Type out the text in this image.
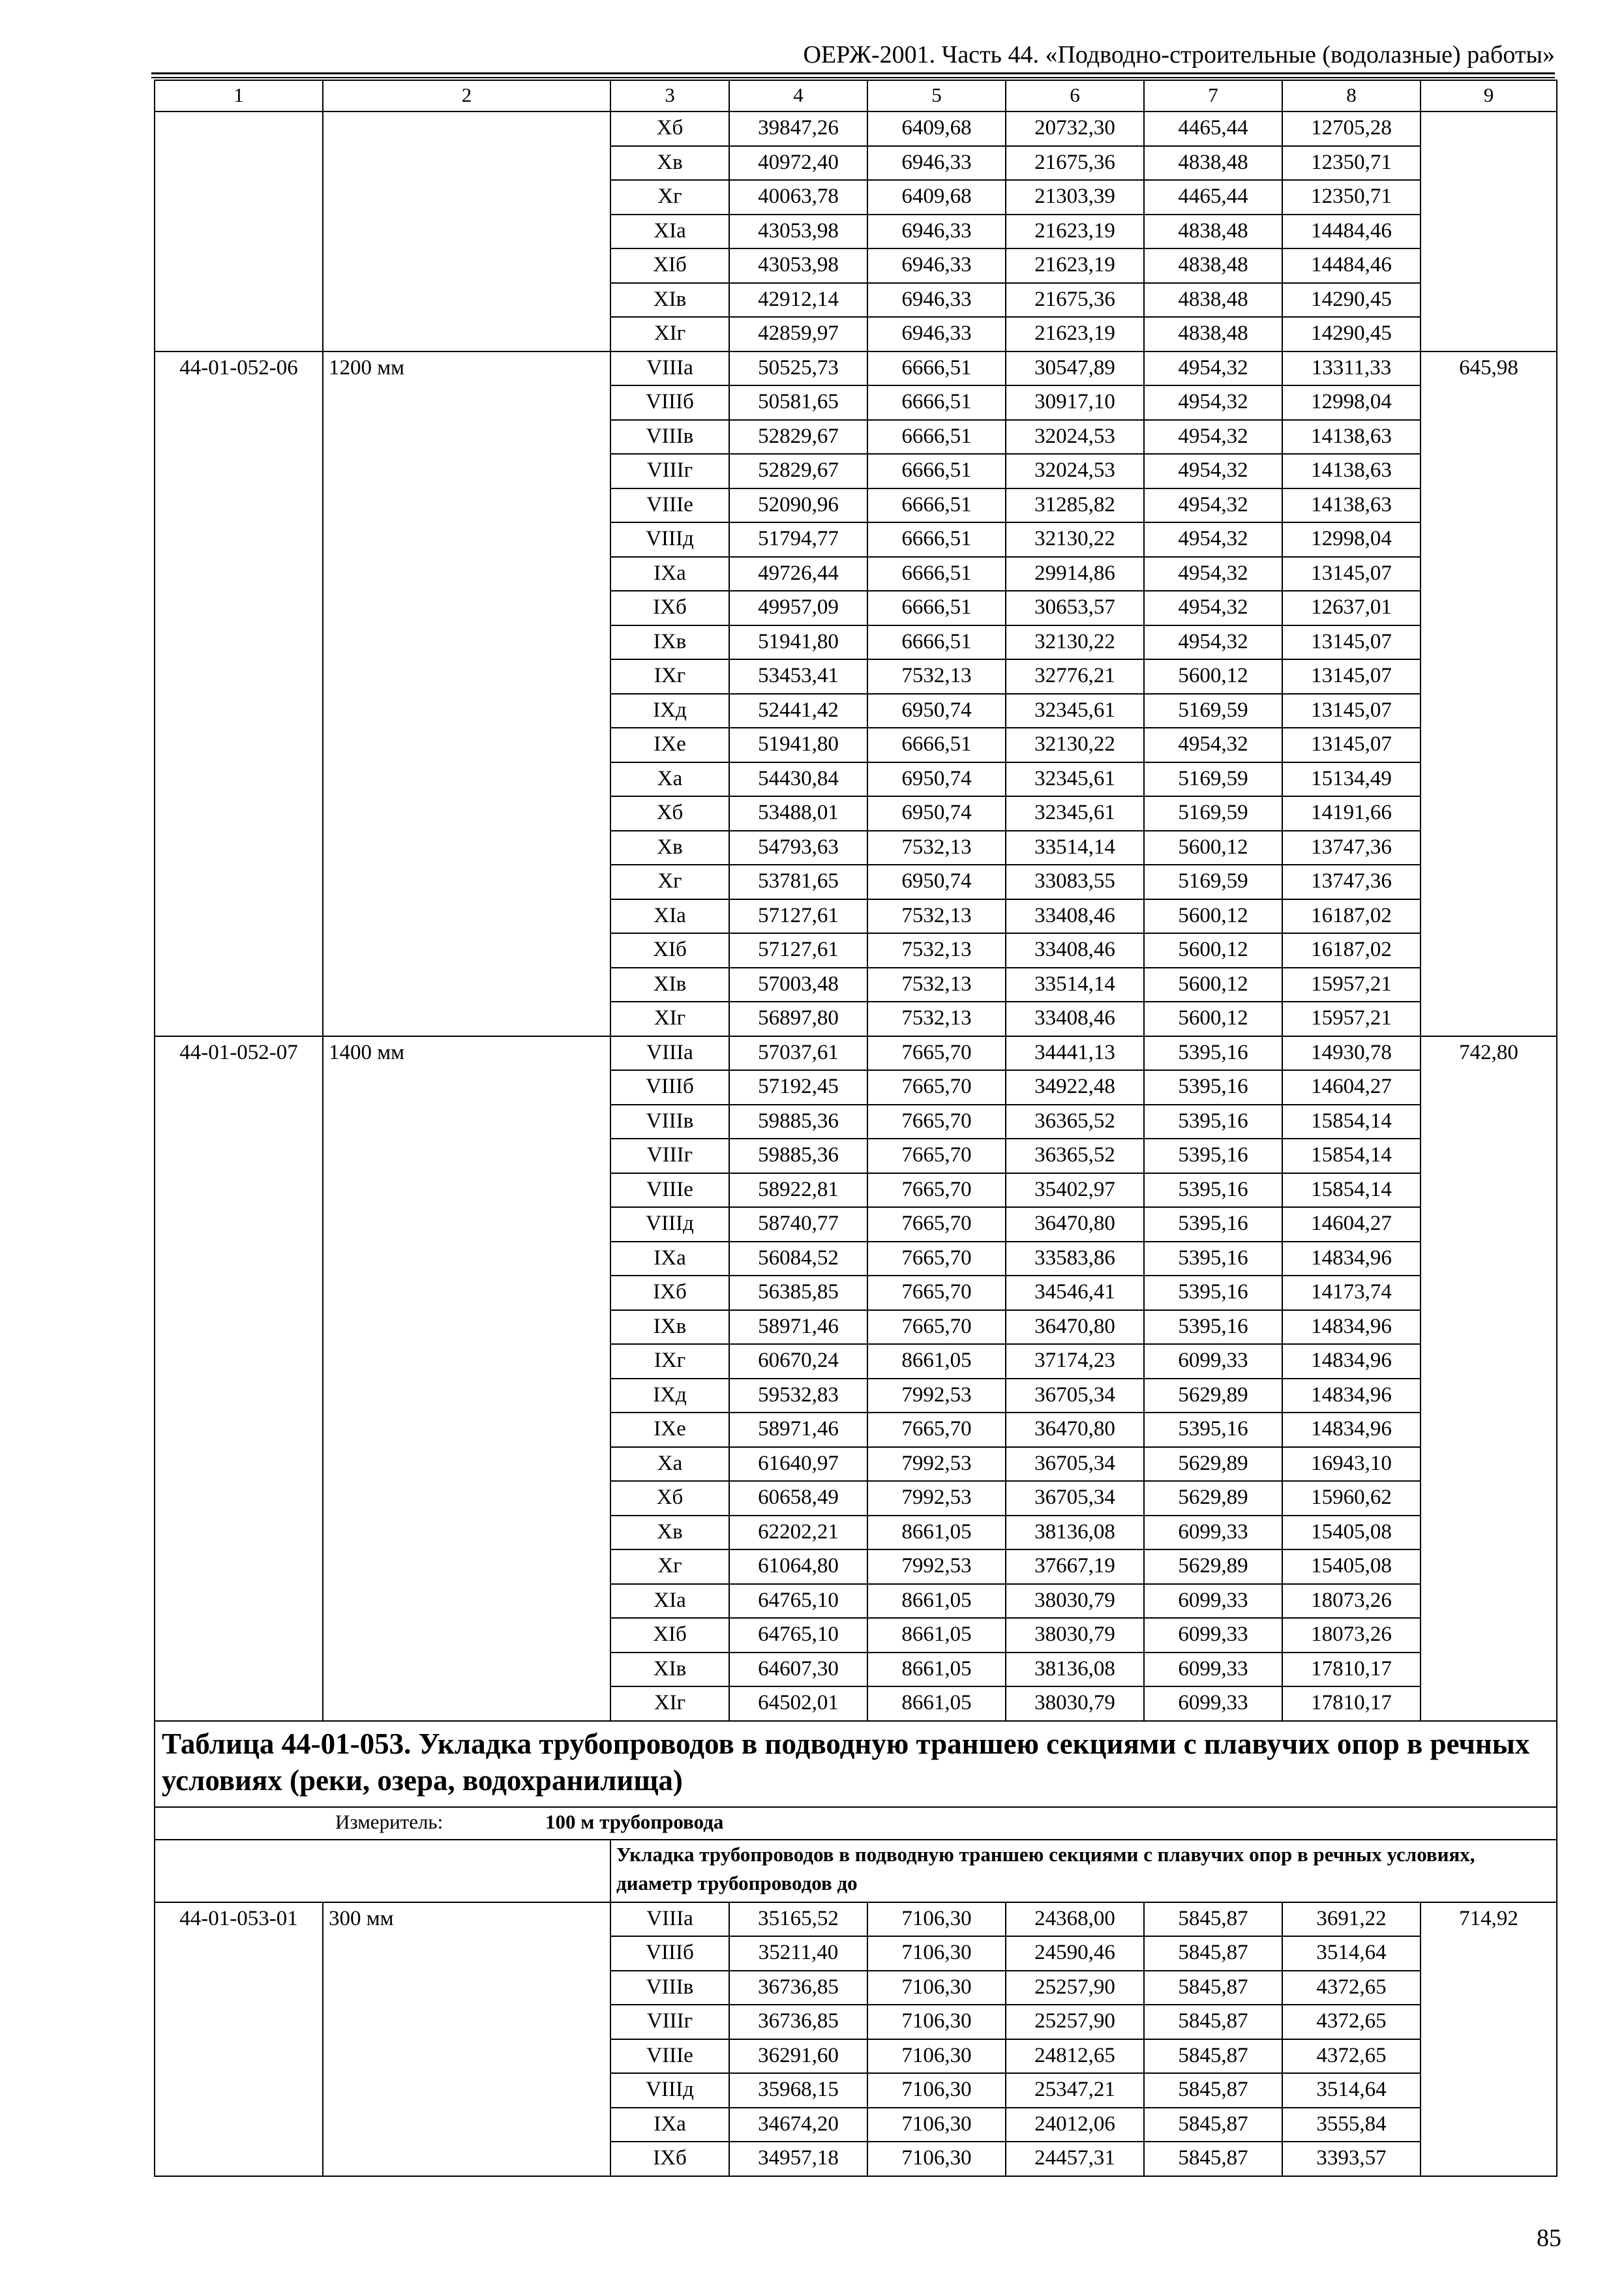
ОЕРЖ-2001. Часть 44. «Подводно-строительные (водолазные) работы»
1	2	3	4	5	6	7	8	9
		Хб	39847,26	6409,68	20732,30	4465,44	12705,28	
		Хв	40972,40	6946,33	21675,36	4838,48	12350,71	
		Хг	40063,78	6409,68	21303,39	4465,44	12350,71	
		XIа	43053,98	6946,33	21623,19	4838,48	14484,46	
		XIб	43053,98	6946,33	21623,19	4838,48	14484,46	
		XIв	42912,14	6946,33	21675,36	4838,48	14290,45	
		XIг	42859,97	6946,33	21623,19	4838,48	14290,45	
44-01-052-06	1200 мм	VIIIа	50525,73	6666,51	30547,89	4954,32	13311,33	645,98
		VIIIб	50581,65	6666,51	30917,10	4954,32	12998,04	
		VIIIв	52829,67	6666,51	32024,53	4954,32	14138,63	
		VIIIг	52829,67	6666,51	32024,53	4954,32	14138,63	
		VIIIе	52090,96	6666,51	31285,82	4954,32	14138,63	
		VIIIд	51794,77	6666,51	32130,22	4954,32	12998,04	
		IХа	49726,44	6666,51	29914,86	4954,32	13145,07	
		IХб	49957,09	6666,51	30653,57	4954,32	12637,01	
		IХв	51941,80	6666,51	32130,22	4954,32	13145,07	
		IХг	53453,41	7532,13	32776,21	5600,12	13145,07	
		IХд	52441,42	6950,74	32345,61	5169,59	13145,07	
		IХе	51941,80	6666,51	32130,22	4954,32	13145,07	
		Ха	54430,84	6950,74	32345,61	5169,59	15134,49	
		Хб	53488,01	6950,74	32345,61	5169,59	14191,66	
		Хв	54793,63	7532,13	33514,14	5600,12	13747,36	
		Хг	53781,65	6950,74	33083,55	5169,59	13747,36	
		XIа	57127,61	7532,13	33408,46	5600,12	16187,02	
		XIб	57127,61	7532,13	33408,46	5600,12	16187,02	
		XIв	57003,48	7532,13	33514,14	5600,12	15957,21	
		XIг	56897,80	7532,13	33408,46	5600,12	15957,21	
44-01-052-07	1400 мм	VIIIа	57037,61	7665,70	34441,13	5395,16	14930,78	742,80
		VIIIб	57192,45	7665,70	34922,48	5395,16	14604,27	
		VIIIв	59885,36	7665,70	36365,52	5395,16	15854,14	
		VIIIг	59885,36	7665,70	36365,52	5395,16	15854,14	
		VIIIе	58922,81	7665,70	35402,97	5395,16	15854,14	
		VIIIд	58740,77	7665,70	36470,80	5395,16	14604,27	
		IХа	56084,52	7665,70	33583,86	5395,16	14834,96	
		IХб	56385,85	7665,70	34546,41	5395,16	14173,74	
		IХв	58971,46	7665,70	36470,80	5395,16	14834,96	
		IХг	60670,24	8661,05	37174,23	6099,33	14834,96	
		IХд	59532,83	7992,53	36705,34	5629,89	14834,96	
		IХе	58971,46	7665,70	36470,80	5395,16	14834,96	
		Ха	61640,97	7992,53	36705,34	5629,89	16943,10	
		Хб	60658,49	7992,53	36705,34	5629,89	15960,62	
		Хв	62202,21	8661,05	38136,08	6099,33	15405,08	
		Хг	61064,80	7992,53	37667,19	5629,89	15405,08	
		XIа	64765,10	8661,05	38030,79	6099,33	18073,26	
		XIб	64765,10	8661,05	38030,79	6099,33	18073,26	
		XIв	64607,30	8661,05	38136,08	6099,33	17810,17	
		XIг	64502,01	8661,05	38030,79	6099,33	17810,17	
Таблица 44-01-053. Укладка трубопроводов в подводную траншею секциями с плавучих опор в речных условиях (реки, озера, водохранилища)								
Измеритель: 100 м трубопровода								
		Укладка трубопроводов в подводную траншею секциями с плавучих опор в речных условиях, диаметр трубопроводов до						
44-01-053-01	300 мм	VIIIа	35165,52	7106,30	24368,00	5845,87	3691,22	714,92
		VIIIб	35211,40	7106,30	24590,46	5845,87	3514,64	
		VIIIв	36736,85	7106,30	25257,90	5845,87	4372,65	
		VIIIг	36736,85	7106,30	25257,90	5845,87	4372,65	
		VIIIе	36291,60	7106,30	24812,65	5845,87	4372,65	
		VIIIд	35968,15	7106,30	25347,21	5845,87	3514,64	
		IХа	34674,20	7106,30	24012,06	5845,87	3555,84	
		IХб	34957,18	7106,30	24457,31	5845,87	3393,57	
85
